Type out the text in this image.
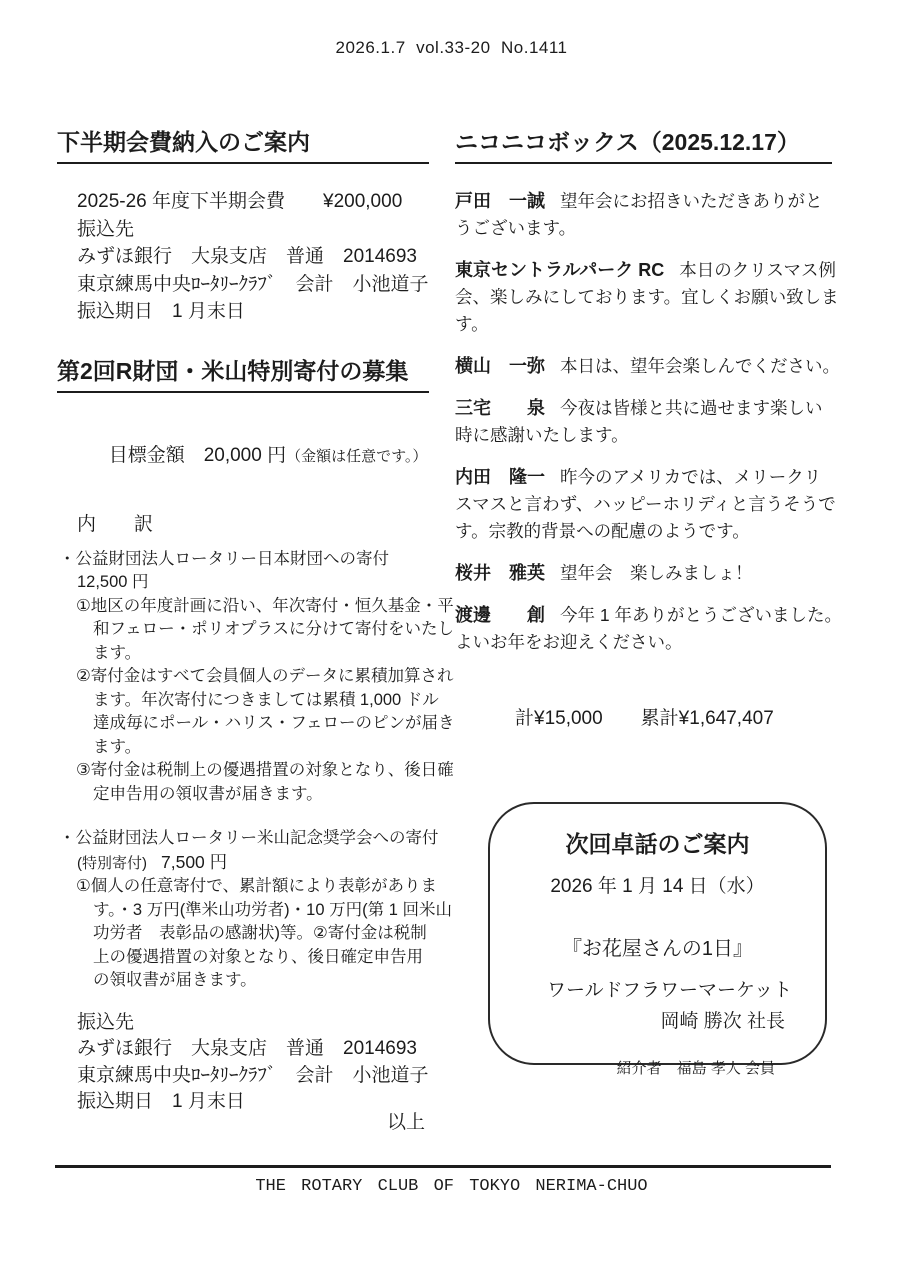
2026.1.7  vol.33-20  No.1411
下半期会費納入のご案内
2025-26 年度下半期会費　　¥200,000
振込先
みずほ銀行　大泉支店　普通　2014693
東京練馬中央ﾛｰﾀﾘｰｸﾗﾌﾞ　会計　小池道子
振込期日　1 月末日
第2回R財団・米山特別寄付の募集

目標金額　20,000 円（金額は任意です。）

内　　訳
・公益財団法人ロータリー日本財団への寄付
12,500 円
①地区の年度計画に沿い、年次寄付・恒久基金・平
和フェロー・ポリオプラスに分けて寄付をいたし
ます。
②寄付金はすべて会員個人のデータに累積加算され
ます。年次寄付につきましては累積 1,000 ドル
達成毎にポール・ハリス・フェローのピンが届き
ます。
③寄付金は税制上の優遇措置の対象となり、後日確
定申告用の領収書が届きます。
・公益財団法人ロータリー米山記念奨学会への寄付
(特別寄付) 7,500 円
①個人の任意寄付で、累計額により表彰がありま
す。・3 万円(準米山功労者)・10 万円(第 1 回米山
功労者　表彰品の感謝状)等。②寄付金は税制
上の優遇措置の対象となり、後日確定申告用
の領収書が届きます。
振込先
みずほ銀行　大泉支店　普通　2014693
東京練馬中央ﾛｰﾀﾘｰｸﾗﾌﾞ　会計　小池道子
振込期日　1 月末日
以上
ニコニコボックス（2025.12.17）
戸田　一誠 望年会にお招きいただきありがと
うございます。
東京セントラルパーク RC 本日のクリスマス例
会、楽しみにしております。宜しくお願い致しま
す。
横山　一弥 本日は、望年会楽しんでください。
三宅　　泉 今夜は皆様と共に過せます楽しい
時に感謝いたします。
内田　隆一 昨今のアメリカでは、メリークリ
スマスと言わず、ハッピーホリディと言うそうで
す。宗教的背景への配慮のようです。
桜井　雅英 望年会　楽しみましょ！
渡邊　　創 今年 1 年ありがとうございました。
よいお年をお迎えください。
計¥15,000　　累計¥1,647,407
次回卓話のご案内
2026 年 1 月 14 日（水）
『お花屋さんの1日』
ワールドフラワーマーケット
岡崎 勝次 社長
紹介者　福島 孝人 会員
THE ROTARY CLUB OF TOKYO NERIMA-CHUO
